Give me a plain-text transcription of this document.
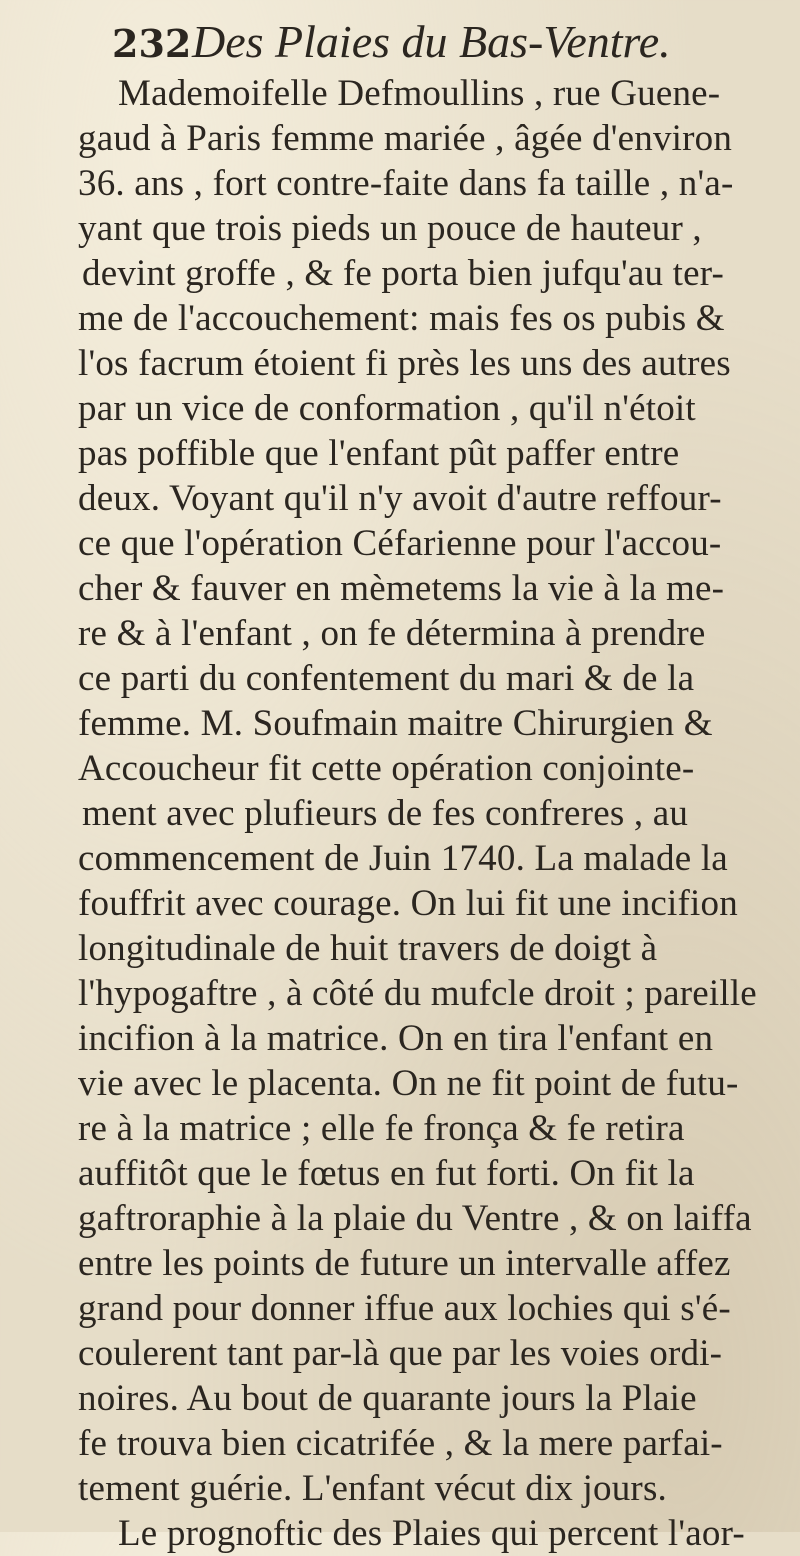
232Des Plaies du Bas-Ventre.
Mademoifelle Defmoullins , rue Guene-
gaud à Paris femme mariée , âgée d'environ
36. ans , fort contre-faite dans fa taille , n'a-
yant que trois pieds un pouce de hauteur ,
devint groffe , & fe porta bien jufqu'au ter-
me de l'accouchement: mais fes os pubis &
l'os facrum étoient fi près les uns des autres
par un vice de conformation , qu'il n'étoit
pas poffible que l'enfant pût paffer entre
deux. Voyant qu'il n'y avoit d'autre reffour-
ce que l'opération Céfarienne pour l'accou-
cher & fauver en mèmetems la vie à la me-
re & à l'enfant , on fe détermina à prendre
ce parti du confentement du mari & de la
femme. M. Soufmain maitre Chirurgien &
Accoucheur fit cette opération conjointe-
ment avec plufieurs de fes confreres , au
commencement de Juin 1740. La malade la
fouffrit avec courage. On lui fit une incifion
longitudinale de huit travers de doigt à
l'hypogaftre , à côté du mufcle droit ; pareille
incifion à la matrice. On en tira l'enfant en
vie avec le placenta. On ne fit point de futu-
re à la matrice ; elle fe fronça & fe retira
auffitôt que le fœtus en fut forti. On fit la
gaftroraphie à la plaie du Ventre , & on laiffa
entre les points de future un intervalle affez
grand pour donner iffue aux lochies qui s'é-
coulerent tant par-là que par les voies ordi-
noires. Au bout de quarante jours la Plaie
fe trouva bien cicatrifée , & la mere parfai-
tement guérie. L'enfant vécut dix jours.
Le prognoftic des Plaies qui percent l'aor-
